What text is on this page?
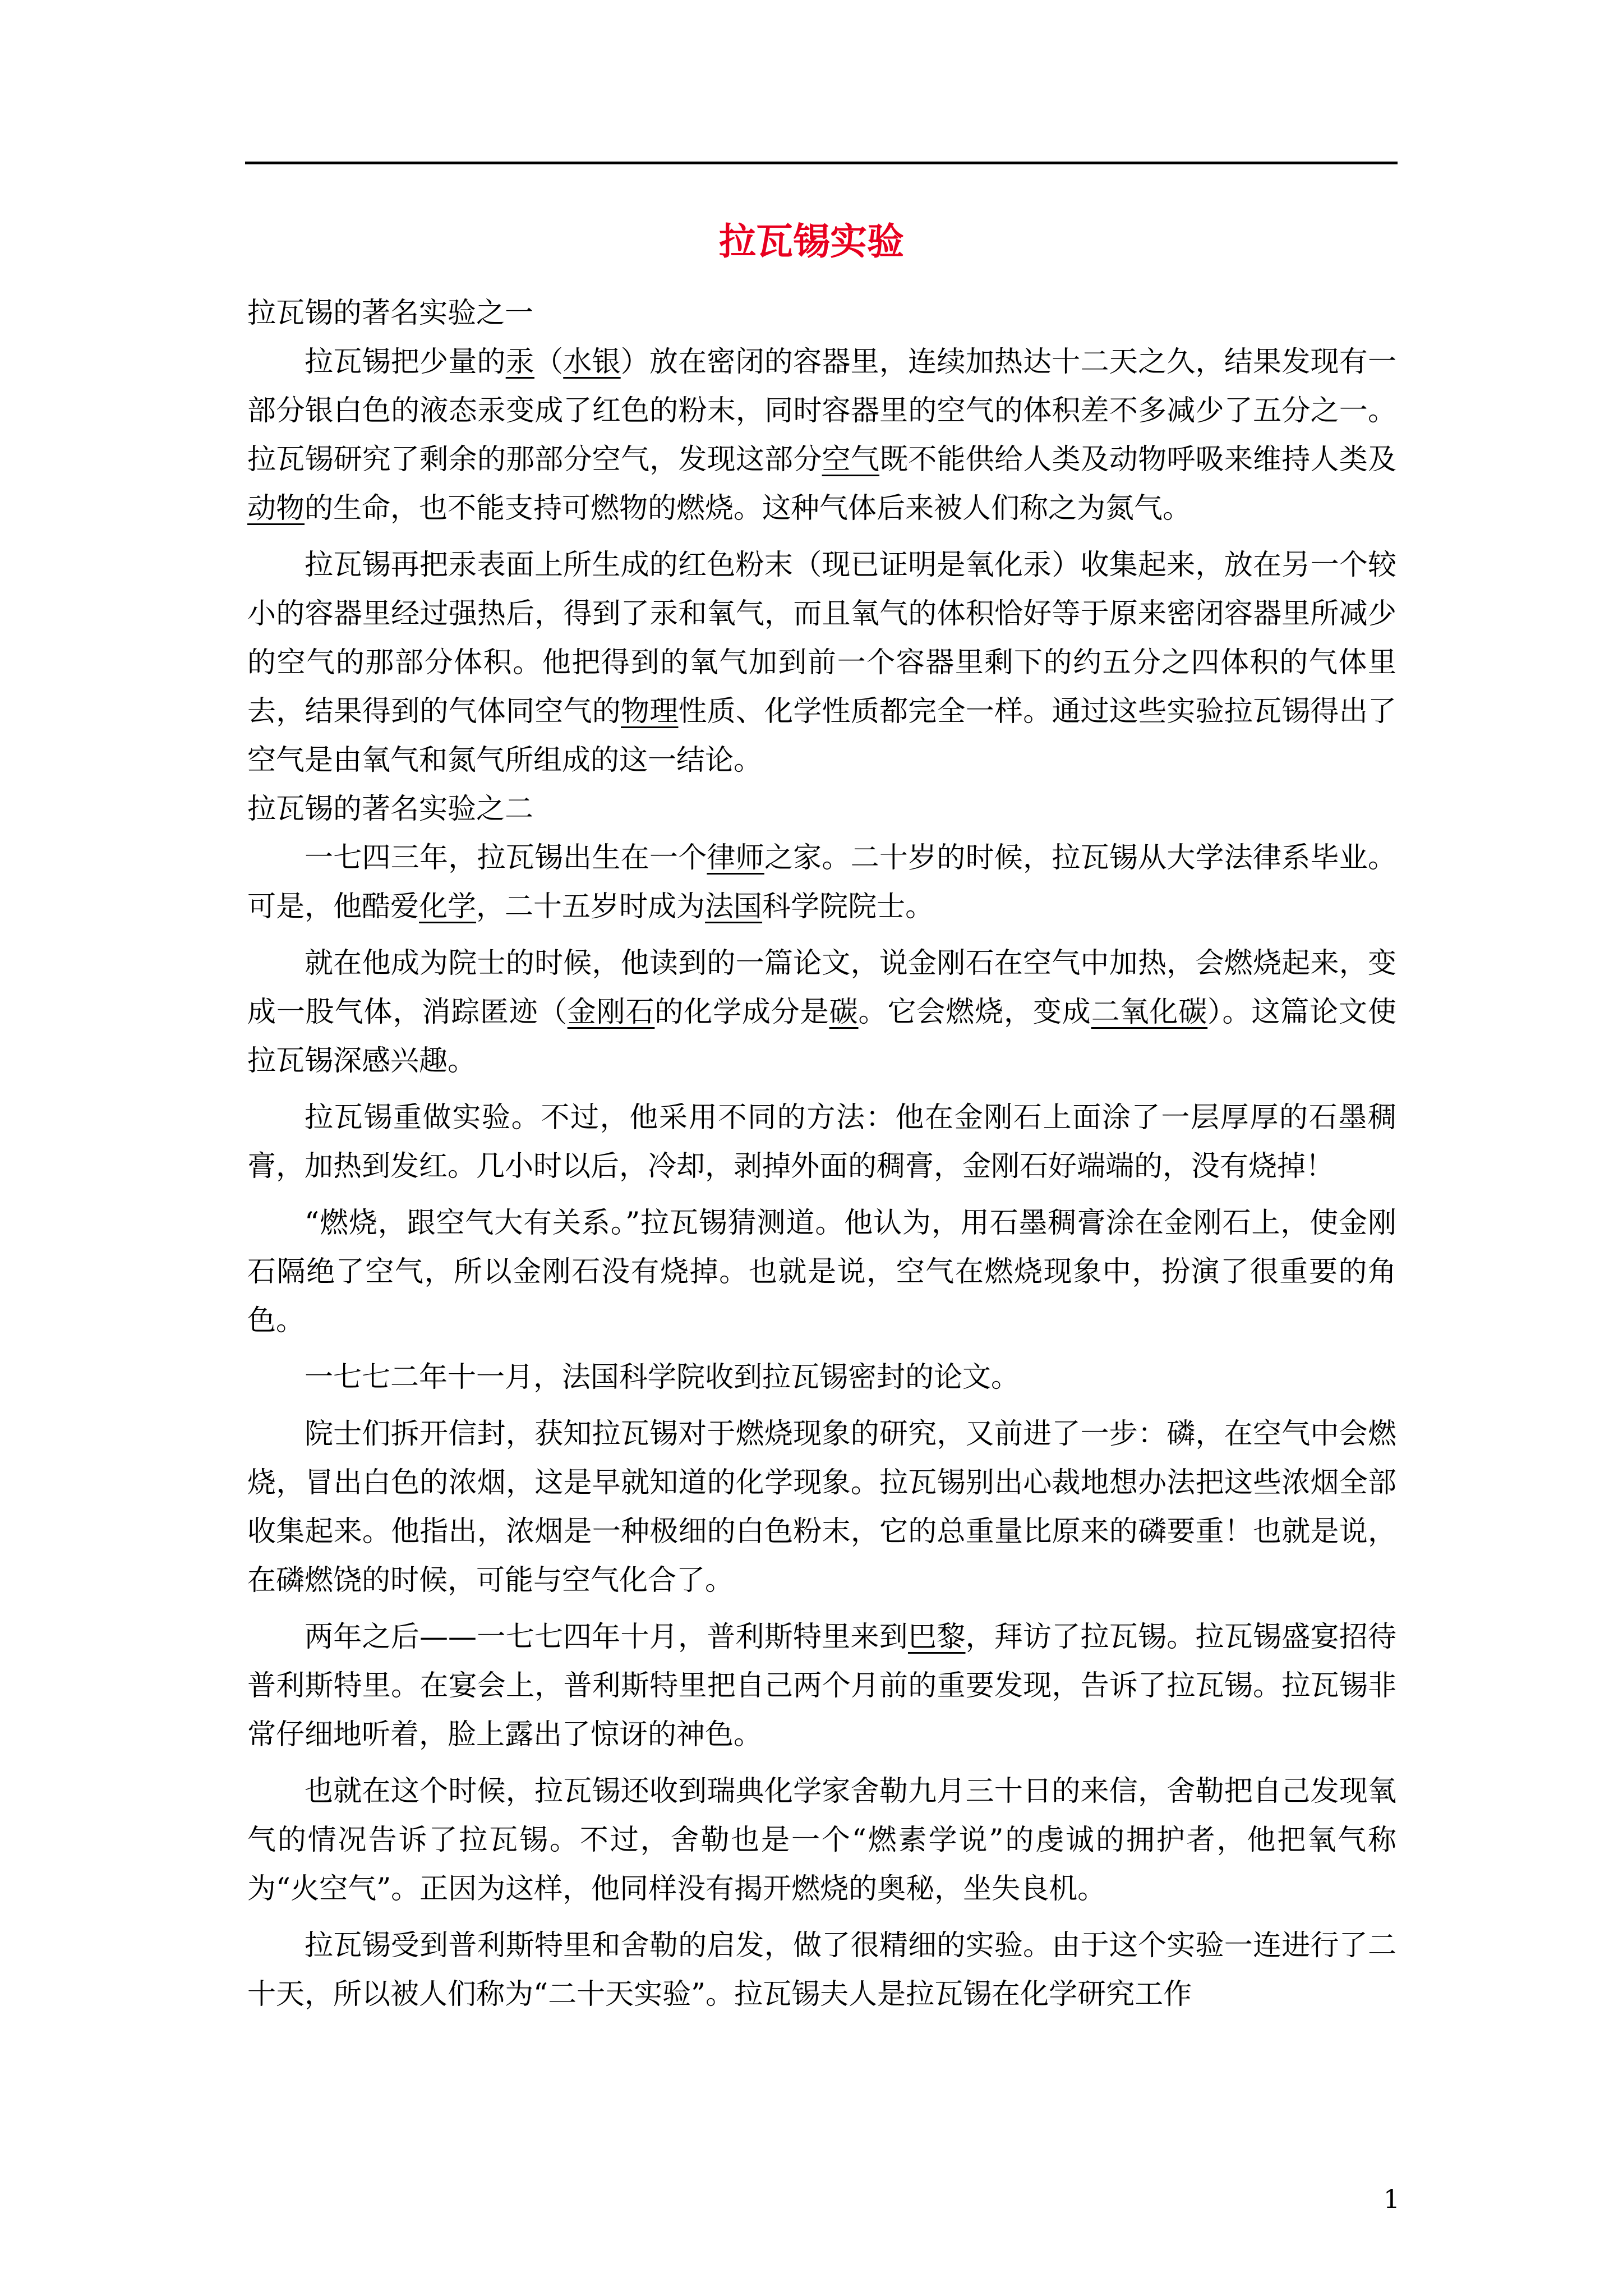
拉瓦锡实验

拉瓦锡的著名实验之一

拉瓦锡把少量的汞（水银）放在密闭的容器里，连续加热达十二天之久，结果发现有一部分银白色的液态汞变成了红色的粉末，同时容器里的空气的体积差不多减少了五分之一。拉瓦锡研究了剩余的那部分空气，发现这部分空气既不能供给人类及动物呼吸来维持人类及动物的生命，也不能支持可燃物的燃烧。这种气体后来被人们称之为氮气。

拉瓦锡再把汞表面上所生成的红色粉末（现已证明是氧化汞）收集起来，放在另一个较小的容器里经过强热后，得到了汞和氧气，而且氧气的体积恰好等于原来密闭容器里所减少的空气的那部分体积。他把得到的氧气加到前一个容器里剩下的约五分之四体积的气体里去，结果得到的气体同空气的物理性质、化学性质都完全一样。通过这些实验拉瓦锡得出了空气是由氧气和氮气所组成的这一结论。

拉瓦锡的著名实验之二

一七四三年，拉瓦锡出生在一个律师之家。二十岁的时候，拉瓦锡从大学法律系毕业。可是，他酷爱化学，二十五岁时成为法国科学院院士。

就在他成为院士的时候，他读到的一篇论文，说金刚石在空气中加热，会燃烧起来，变成一股气体，消踪匿迹（金刚石的化学成分是碳。它会燃烧，变成二氧化碳）。这篇论文使拉瓦锡深感兴趣。

拉瓦锡重做实验。不过，他采用不同的方法：他在金刚石上面涂了一层厚厚的石墨稠膏，加热到发红。几小时以后，冷却，剥掉外面的稠膏，金刚石好端端的，没有烧掉！

“燃烧，跟空气大有关系。”拉瓦锡猜测道。他认为，用石墨稠膏涂在金刚石上，使金刚石隔绝了空气，所以金刚石没有烧掉。也就是说，空气在燃烧现象中，扮演了很重要的角色。

一七七二年十一月，法国科学院收到拉瓦锡密封的论文。

院士们拆开信封，获知拉瓦锡对于燃烧现象的研究，又前进了一步：磷，在空气中会燃烧，冒出白色的浓烟，这是早就知道的化学现象。拉瓦锡别出心裁地想办法把这些浓烟全部收集起来。他指出，浓烟是一种极细的白色粉末，它的总重量比原来的磷要重！也就是说，在磷燃饶的时候，可能与空气化合了。

两年之后——一七七四年十月，普利斯特里来到巴黎，拜访了拉瓦锡。拉瓦锡盛宴招待普利斯特里。在宴会上，普利斯特里把自己两个月前的重要发现，告诉了拉瓦锡。拉瓦锡非常仔细地听着，脸上露出了惊讶的神色。

也就在这个时候，拉瓦锡还收到瑞典化学家舍勒九月三十日的来信，舍勒把自己发现氧气的情况告诉了拉瓦锡。不过，舍勒也是一个“燃素学说”的虔诚的拥护者，他把氧气称为“火空气”。正因为这样，他同样没有揭开燃烧的奥秘，坐失良机。

拉瓦锡受到普利斯特里和舍勒的启发，做了很精细的实验。由于这个实验一连进行了二十天，所以被人们称为“二十天实验”。拉瓦锡夫人是拉瓦锡在化学研究工作

1
